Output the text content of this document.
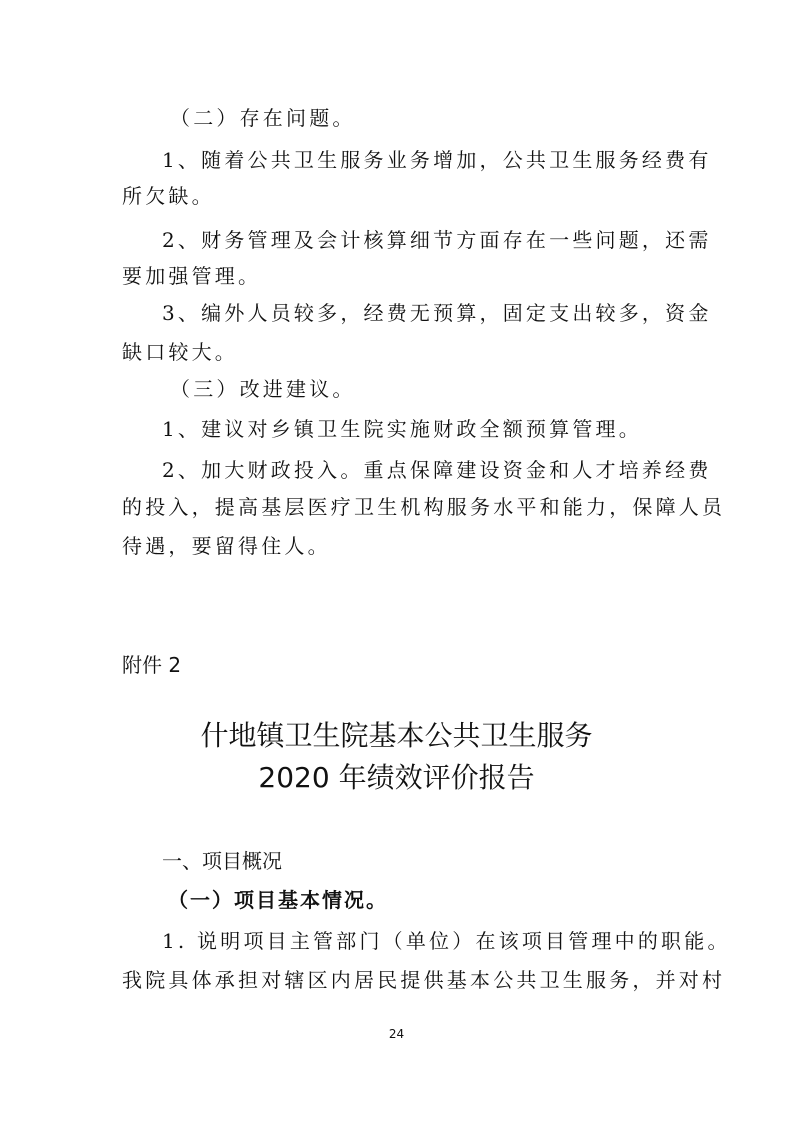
（二）存在问题。
1、随着公共卫生服务业务增加，公共卫生服务经费有
所欠缺。
2、财务管理及会计核算细节方面存在一些问题，还需
要加强管理。
3、编外人员较多，经费无预算，固定支出较多，资金
缺口较大。
（三）改进建议。
1、建议对乡镇卫生院实施财政全额预算管理。
2、加大财政投入。重点保障建设资金和人才培养经费
的投入，提高基层医疗卫生机构服务水平和能力，保障人员
待遇，要留得住人。
附件 2
什地镇卫生院基本公共卫生服务
2020 年绩效评价报告
一、项目概况
（一）项目基本情况。
1. 说明项目主管部门（单位）在该项目管理中的职能。
我院具体承担对辖区内居民提供基本公共卫生服务，并对村
24
